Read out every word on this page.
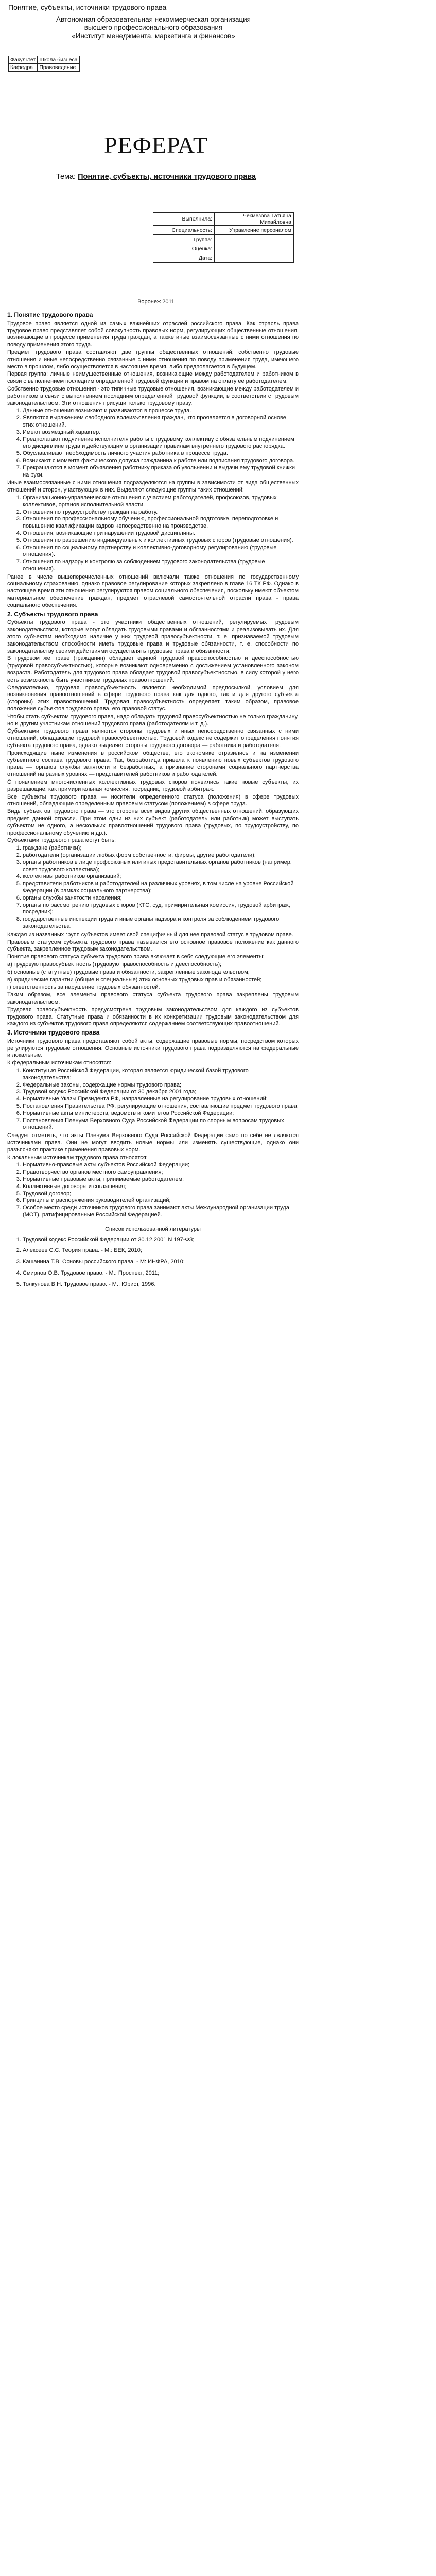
Понятие, субъекты, источники трудового права
Автономная образовательная некоммерческая организация
высшего профессионального образования
«Институт менеджмента, маркетинга и финансов»
Факультет	Школа бизнеса
Кафедра	Правоведение
РЕФЕРАТ
Тема: Понятие, субъекты, источники трудового права
Выполнила:	Чекмезова Татьяна Михайловна
Специальность:	Управление персоналом
Группа:	
Оценка:	
Дата:	
Воронеж 2011
1. Понятие трудового права

Трудовое право является одной из самых важнейших отраслей российского права. Как отрасль права трудовое право представляет собой совокупность правовых норм, регулирующих общественные отношения, возникающие в процессе применения труда граждан, а также иные взаимосвязанные с ними отношения по поводу применения этого труда.

Предмет трудового права составляют две группы общественных отношений: собственно трудовые отношения и иные непосредственно связанные с ними отношения по поводу применения труда, имеющего место в прошлом, либо осуществляется в настоящее время, либо предполагается в будущем.

Первая группа: личные неимущественные отношения, возникающие между работодателем и работником в связи с выполнением последним определенной трудовой функции и правом на оплату её работодателем.

Собственно трудовые отношения - это типичные трудовые отношения, возникающие между работодателем и работником в связи с выполнением последним определенной трудовой функции, в соответствии с трудовым законодательством. Эти отношения присущи только трудовому праву.

1. Данные отношения возникают и развиваются в процессе труда.
2. Являются выражением свободного волеизъявления граждан, что проявляется в договорной основе этих отношений.
3. Имеют возмездный характер.
4. Предполагают подчинение исполнителя работы с трудовому коллективу с обязательным подчинением его дисциплине труда и действующим в организации правилам внутреннего трудового распорядка.
5. Обуславливают необходимость личного участия работника в процессе труда.
6. Возникают с момента фактического допуска гражданина к работе или подписания трудового договора.
7. Прекращаются в момент объявления работнику приказа об увольнении и выдачи ему трудовой книжки на руки.

Иные взаимосвязанные с ними отношения подразделяются на группы в зависимости от вида общественных отношений и сторон, участвующих в них. Выделяют следующие группы таких отношений:

1. Организационно-управленческие отношения с участием работодателей, профсоюзов, трудовых коллективов, органов исполнительной власти.
2. Отношения по трудоустройству граждан на работу.
3. Отношения по профессиональному обучению, профессиональной подготовке, переподготовке и повышению квалификации кадров непосредственно на производстве.
4. Отношения, возникающие при нарушении трудовой дисциплины.
5. Отношения по разрешению индивидуальных и коллективных трудовых споров (трудовые отношения).
6. Отношения по социальному партнерству и коллективно-договорному регулированию (трудовые отношения).
7. Отношения по надзору и контролю за соблюдением трудового законодательства (трудовые отношения).

Ранее в числе вышеперечисленных отношений включали также отношения по государственному социальному страхованию, однако правовое регулирование которых закреплено в главе 16 ТК РФ. Однако в настоящее время эти отношения регулируются правом социального обеспечения, поскольку имеют объектом материальное обеспечение граждан, предмет отраслевой самостоятельной отрасли права - права социального обеспечения.

2. Субъекты трудового права

Субъекты трудового права - это участники общественных отношений, регулируемых трудовым законодательством, которые могут обладать трудовыми правами и обязанностями и реализовывать их. Для этого субъектам необходимо наличие у них трудовой правосубъектности, т. е. признаваемой трудовым законодательством способности иметь трудовые права и трудовые обязанности, т. е. способности по законодательству своими действиями осуществлять трудовые права и обязанности.

В трудовом же праве (гражданин) обладает единой трудовой правоспособностью и дееспособностью (трудовой правосубъектностью), которые возникают одновременно с достижением установленного законом возраста. Работодатель для трудового права обладает трудовой правосубъектностью, в силу которой у него есть возможность быть участником трудовых правоотношений.

Следовательно, трудовая правосубъектность является необходимой предпосылкой, условием для возникновения правоотношений в сфере трудового права как для одного, так и для другого субъекта (стороны) этих правоотношений. Трудовая правосубъектность определяет, таким образом, правовое положение субъектов трудового права, его правовой статус.

Чтобы стать субъектом трудового права, надо обладать трудовой правосубъектностью не только гражданину, но и другим участникам отношений трудового права (работодателям и т. д.).

Субъектами трудового права являются стороны трудовых и иных непосредственно связанных с ними отношений, обладающие трудовой правосубъектностью. Трудовой кодекс не содержит определения понятия субъекта трудового права, однако выделяет стороны трудового договора — работника и работодателя.

Происходящие ныне изменения в российском обществе, его экономике отразились и на изменении субъектного состава трудового права. Так, безработица привела к появлению новых субъектов трудового права — органов службы занятости и безработных, а признание сторонами социального партнерства отношений на разных уровнях — представителей работников и работодателей.

С появлением многочисленных коллективных трудовых споров появились такие новые субъекты, их разрешающие, как примирительная комиссия, посредник, трудовой арбитраж.

Все субъекты трудового права — носители определенного статуса (положения) в сфере трудовых отношений, обладающие определенным правовым статусом (положением) в сфере труда.

Виды субъектов трудового права — это стороны всех видов других общественных отношений, образующих предмет данной отрасли. При этом одни из них субъект (работодатель или работник) может выступать субъектом не одного, а нескольких правоотношений трудового права (трудовых, по трудоустройству, по профессиональному обучению и др.).

Субъектами трудового права могут быть:

1. граждане (работники);
2. работодатели (организации любых форм собственности, фирмы, другие работодатели);
3. органы работников в лице профсоюзных или иных представительных органов работников (например, совет трудового коллектива);
4. коллективы работников организаций;
5. представители работников и работодателей на различных уровнях, в том числе на уровне Российской Федерации (в рамках социального партнерства);
6. органы службы занятости населения;
7. органы по рассмотрению трудовых споров (КТС, суд, примирительная комиссия, трудовой арбитраж, посредник);
8. государственные инспекции труда и иные органы надзора и контроля за соблюдением трудового законодательства.

Каждая из названных групп субъектов имеет свой специфичный для нее правовой статус в трудовом праве.

Правовым статусом субъекта трудового права называется его основное правовое положение как данного субъекта, закрепленное трудовым законодательством.

Понятие правового статуса субъекта трудового права включает в себя следующие его элементы:

а) трудовую правосубъектность (трудовую правоспособность и дееспособность);

б) основные (статутные) трудовые права и обязанности, закрепленные законодательством;

в) юридические гарантии (общие и специальные) этих основных трудовых прав и обязанностей;

г) ответственность за нарушение трудовых обязанностей.

Таким образом, все элементы правового статуса субъекта трудового права закреплены трудовым законодательством.

Трудовая правосубъектность предусмотрена трудовым законодательством для каждого из субъектов трудового права. Статутные права и обязанности в их конкретизации трудовым законодательством для каждого из субъектов трудового права определяются содержанием соответствующих правоотношений.

3. Источники трудового права

Источники трудового права представляют собой акты, содержащие правовые нормы, посредством которых регулируются трудовые отношения. Основные источники трудового права подразделяются на федеральные и локальные.

К федеральным источникам относятся:

1. Конституция Российской Федерации, которая является юридической базой трудового законодательства;
2. Федеральные законы, содержащие нормы трудового права;
3. Трудовой кодекс Российской Федерации от 30 декабря 2001 года;
4. Нормативные Указы Президента РФ, направленные на регулирование трудовых отношений;
5. Постановления Правительства РФ, регулирующие отношения, составляющие предмет трудового права;
6. Нормативные акты министерств, ведомств и комитетов Российской Федерации;
7. Постановления Пленума Верховного Суда Российской Федерации по спорным вопросам трудовых отношений.

Следует отметить, что акты Пленума Верховного Суда Российской Федерации само по себе не являются источниками права. Они не могут вводить новые нормы или изменять существующие, однако они разъясняют практике применения правовых норм.

К локальным источникам трудового права относятся:

1. Нормативно-правовые акты субъектов Российской Федерации;
2. Правотворчество органов местного самоуправления;
3. Нормативные правовые акты, принимаемые работодателем;
4. Коллективные договоры и соглашения;
5. Трудовой договор;
6. Принципы и распоряжения руководителей организаций;
7. Особое место среди источников трудового права занимают акты Международной организации труда (МОТ), ратифицированные Российской Федерацией.
Список использованной литературы
1. Трудовой кодекс Российской Федерации от 30.12.2001 N 197-ФЗ;
2. Алексеев С.С. Теория права. - М.: БЕК, 2010;
3. Кашанина Т.В. Основы российского права. - М: ИНФРА, 2010;
4. Смирнов О.В. Трудовое право. - М.: Проспект, 2011;
5. Толкунова В.Н. Трудовое право. - М.: Юрист, 1996.
